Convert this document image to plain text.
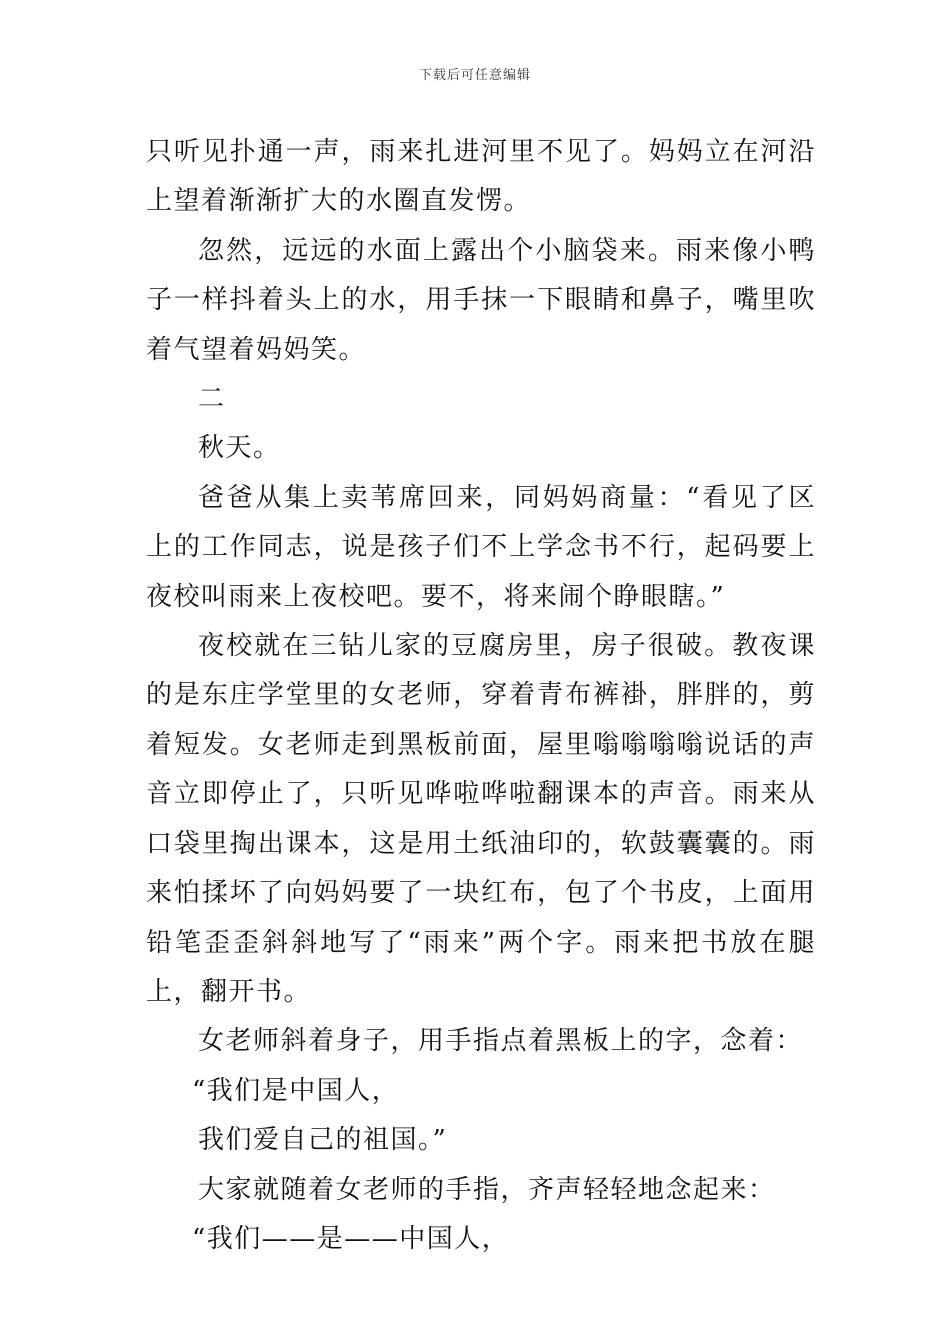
下载后可任意编辑

只听见扑通一声，雨来扎进河里不见了。妈妈立在河沿上望着渐渐扩大的水圈直发愣。

忽然，远远的水面上露出个小脑袋来。雨来像小鸭子一样抖着头上的水，用手抹一下眼睛和鼻子，嘴里吹着气望着妈妈笑。

二

秋天。

爸爸从集上卖苇席回来，同妈妈商量：“看见了区上的工作同志，说是孩子们不上学念书不行，起码要上夜校叫雨来上夜校吧。要不，将来闹个睁眼瞎。”

夜校就在三钻儿家的豆腐房里，房子很破。教夜课的是东庄学堂里的女老师，穿着青布裤褂，胖胖的，剪着短发。女老师走到黑板前面，屋里嗡嗡嗡嗡说话的声音立即停止了，只听见哗啦哗啦翻课本的声音。雨来从口袋里掏出课本，这是用土纸油印的，软鼓囊囊的。雨来怕揉坏了向妈妈要了一块红布，包了个书皮，上面用铅笔歪歪斜斜地写了“雨来”两个字。雨来把书放在腿上，翻开书。

女老师斜着身子，用手指点着黑板上的字，念着：

“我们是中国人，

我们爱自己的祖国。”

大家就随着女老师的手指，齐声轻轻地念起来：

“我们——是——中国人，
